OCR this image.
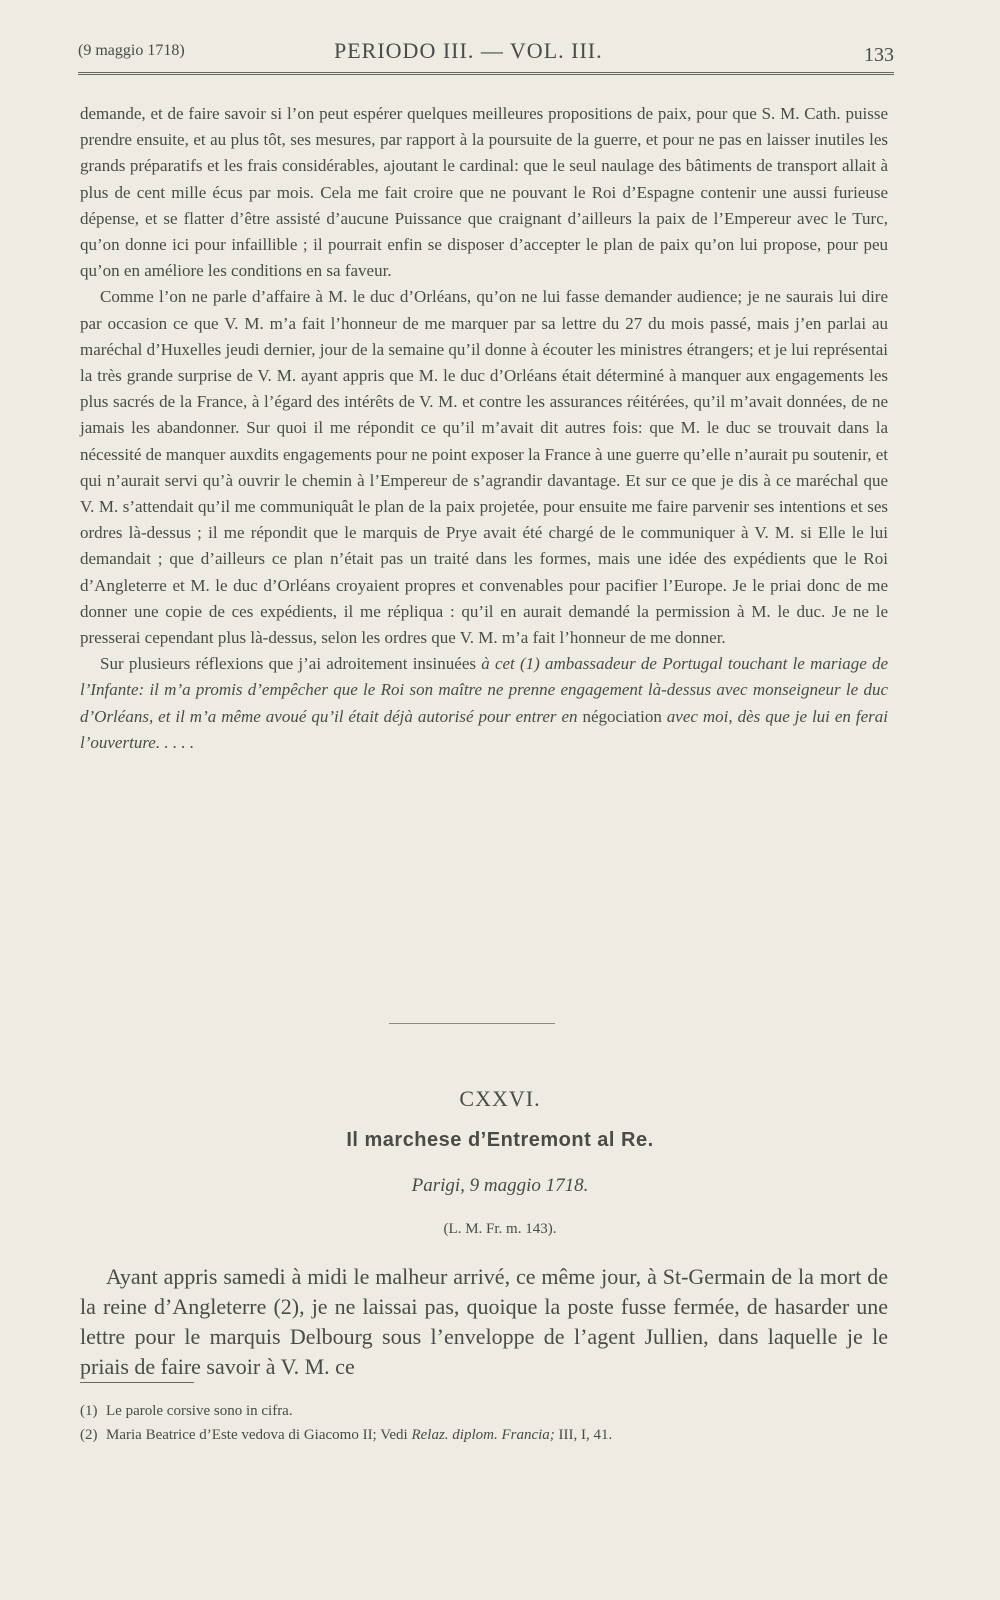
(9 maggio 1718)	PERIODO III. — VOL. III.	133

demande, et de faire savoir si l’on peut espérer quelques meilleures propositions de paix, pour que S. M. Cath. puisse prendre ensuite, et au plus tôt, ses mesures, par rapport à la poursuite de la guerre, et pour ne pas en laisser inutiles les grands préparatifs et les frais considérables, ajoutant le cardinal: que le seul naulage des bâtiments de transport allait à plus de cent mille écus par mois. Cela me fait croire que ne pouvant le Roi d’Espagne contenir une aussi furieuse dépense, et se flatter d’être assisté d’aucune Puissance que craignant d’ailleurs la paix de l’Empereur avec le Turc, qu’on donne ici pour infaillible ; il pourrait enfin se disposer d’accepter le plan de paix qu’on lui propose, pour peu qu’on en améliore les conditions en sa faveur.

Comme l’on ne parle d’affaire à M. le duc d’Orléans, qu’on ne lui fasse demander audience; je ne saurais lui dire par occasion ce que V. M. m’a fait l’honneur de me marquer par sa lettre du 27 du mois passé, mais j’en parlai au maréchal d’Huxelles jeudi dernier, jour de la semaine qu’il donne à écouter les ministres étrangers; et je lui représentai la très grande surprise de V. M. ayant appris que M. le duc d’Orléans était déterminé à manquer aux engagements les plus sacrés de la France, à l’égard des intérêts de V. M. et contre les assurances réitérées, qu’il m’avait données, de ne jamais les abandonner. Sur quoi il me répondit ce qu’il m’avait dit autres fois: que M. le duc se trouvait dans la nécessité de manquer auxdits engagements pour ne point exposer la France à une guerre qu’elle n’aurait pu soutenir, et qui n’aurait servi qu’à ouvrir le chemin à l’Empereur de s’agrandir davantage. Et sur ce que je dis à ce maréchal que V. M. s’attendait qu’il me communiquât le plan de la paix projetée, pour ensuite me faire parvenir ses intentions et ses ordres là-dessus ; il me répondit que le marquis de Prye avait été chargé de le communiquer à V. M. si Elle le lui demandait ; que d’ailleurs ce plan n’était pas un traité dans les formes, mais une idée des expédients que le Roi d’Angleterre et M. le duc d’Orléans croyaient propres et convenables pour pacifier l’Europe. Je le priai donc de me donner une copie de ces expédients, il me répliqua : qu’il en aurait demandé la permission à M. le duc. Je ne le presserai cependant plus là-dessus, selon les ordres que V. M. m’a fait l’honneur de me donner.

Sur plusieurs réflexions que j’ai adroitement insinuées à cet (1) ambassadeur de Portugal touchant le mariage de l’Infante: il m’a promis d’empêcher que le Roi son maître ne prenne engagement là-dessus avec monseigneur le duc d’Orléans, et il m’a même avoué qu’il était déjà autorisé pour entrer en négociation avec moi, dès que je lui en ferai l’ouverture. . . . .

CXXVI.
Il marchese d’Entremont al Re.
Parigi, 9 maggio 1718.
(L. M. Fr. m. 143).

Ayant appris samedi à midi le malheur arrivé, ce même jour, à St-Germain de la mort de la reine d’Angleterre (2), je ne laissai pas, quoique la poste fusse fermée, de hasarder une lettre pour le marquis Delbourg sous l’enveloppe de l’agent Jullien, dans laquelle je le priais de faire savoir à V. M. ce

(1) Le parole corsive sono in cifra.
(2) Maria Beatrice d’Este vedova di Giacomo II; Vedi Relaz. diplom. Francia; III, I, 41.
